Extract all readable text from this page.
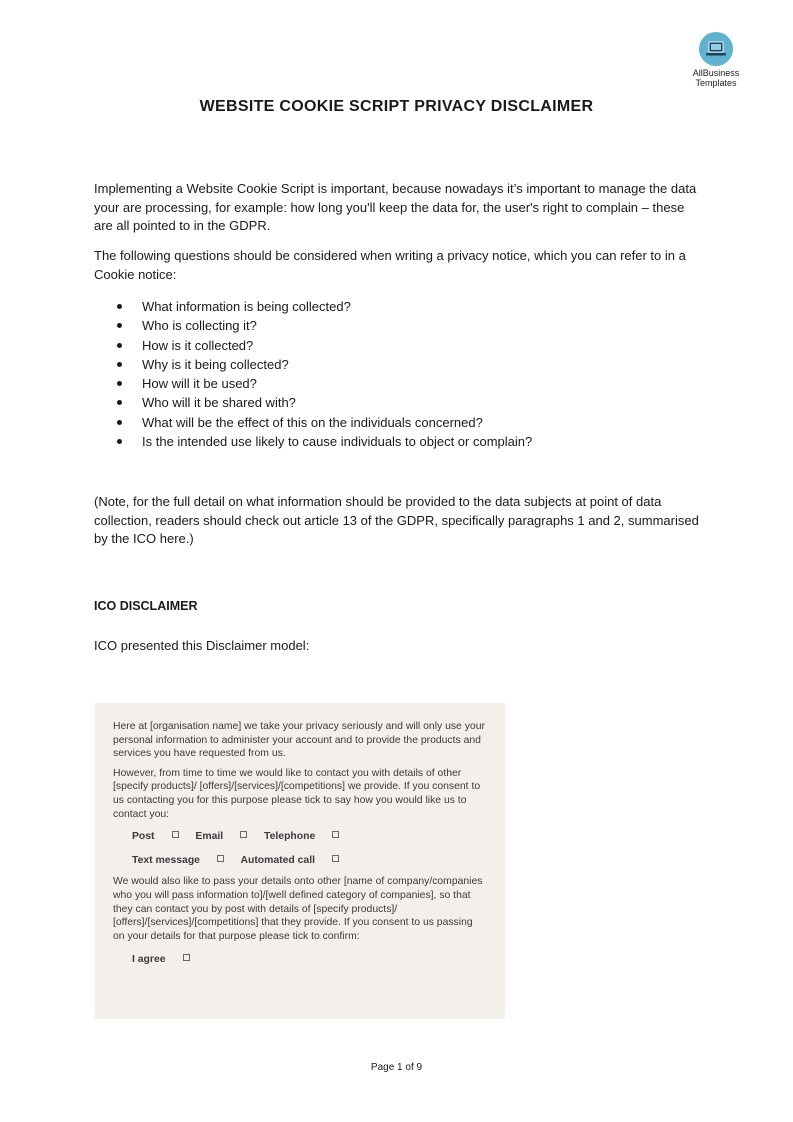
AllBusiness
Templates
WEBSITE COOKIE SCRIPT PRIVACY DISCLAIMER

Implementing a Website Cookie Script is important, because nowadays it’s important to manage the data your are processing, for example: how long you'll keep the data for, the user's right to complain – these are all pointed to in the GDPR.

The following questions should be considered when writing a privacy notice, which you can refer to in a Cookie notice:

What information is being collected?
Who is collecting it?
How is it collected?
Why is it being collected?
How will it be used?
Who will it be shared with?
What will be the effect of this on the individuals concerned?
Is the intended use likely to cause individuals to object or complain?

(Note, for the full detail on what information should be provided to the data subjects at point of data collection, readers should check out article 13 of the GDPR, specifically paragraphs 1 and 2, summarised by the ICO here.)

ICO DISCLAIMER

ICO presented this Disclaimer model:

Here at [organisation name] we take your privacy seriously and will only use your personal information to administer your account and to provide the products and services you have requested from us.

However, from time to time we would like to contact you with details of other [specify products]/ [offers]/[services]/[competitions] we provide. If you consent to us contacting you for this purpose please tick to say how you would like us to contact you:

Post	Email	Telephone
Text message	Automated call

We would also like to pass your details onto other [name of company/companies who you will pass information to]/[well defined category of companies], so that they can contact you by post with details of [specify products]/ [offers]/[services]/[competitions] that they provide. If you consent to us passing on your details for that purpose please tick to confirm:

I agree
Page 1 of 9
